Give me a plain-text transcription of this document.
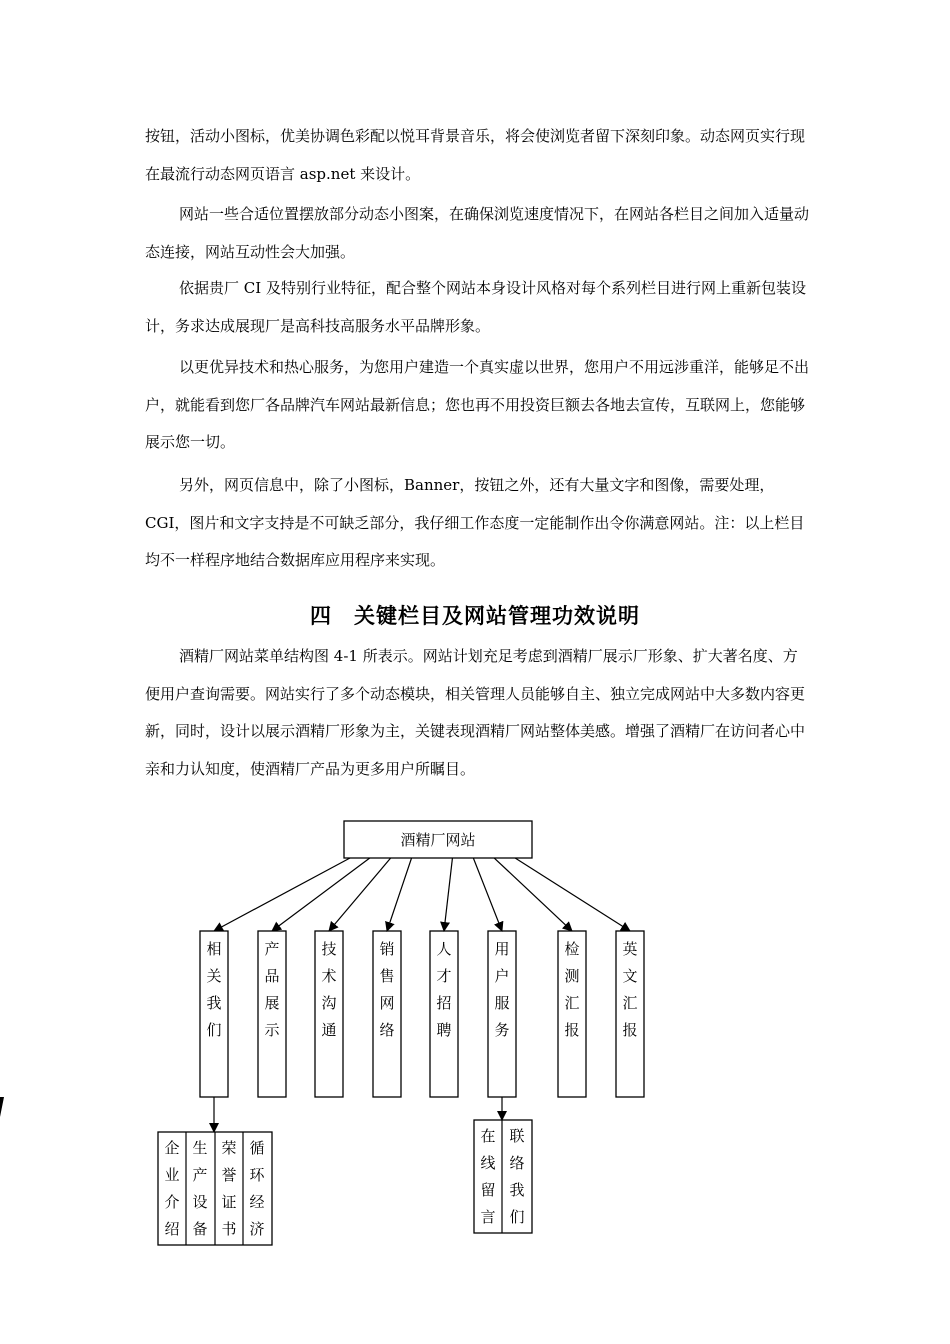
按钮，活动小图标，优美协调色彩配以悦耳背景音乐，将会使浏览者留下深刻印象。动态网页实行现在最流行动态网页语言 asp.net 来设计。

网站一些合适位置摆放部分动态小图案，在确保浏览速度情况下，在网站各栏目之间加入适量动态连接，网站互动性会大加强。

依据贵厂 CI 及特别行业特征，配合整个网站本身设计风格对每个系列栏目进行网上重新包装设计，务求达成展现厂是高科技高服务水平品牌形象。

以更优异技术和热心服务，为您用户建造一个真实虚以世界，您用户不用远涉重洋，能够足不出户，就能看到您厂各品牌汽车网站最新信息；您也再不用投资巨额去各地去宣传，互联网上，您能够展示您一切。

另外，网页信息中，除了小图标，Banner，按钮之外，还有大量文字和图像，需要处理，CGI，图片和文字支持是不可缺乏部分，我仔细工作态度一定能制作出令你满意网站。注：以上栏目均不一样程序地结合数据库应用程序来实现。

四 关键栏目及网站管理功效说明

酒精厂网站菜单结构图 4-1 所表示。网站计划充足考虑到酒精厂展示厂形象、扩大著名度、方便用户查询需要。网站实行了多个动态模块，相关管理人员能够自主、独立完成网站中大多数内容更新，同时，设计以展示酒精厂形象为主，关键表现酒精厂网站整体美感。增强了酒精厂在访问者心中亲和力认知度，使酒精厂产品为更多用户所瞩目。

酒精厂网站
相
关
我
们
产
品
展
示
技
术
沟
通
销
售
网
络
人
才
招
聘
用
户
服
务
检
测
汇
报
英
文
汇
报
企
业
介
绍
生
产
设
备
荣
誉
证
书
循
环
经
济
在
线
留
言
联
络
我
们
